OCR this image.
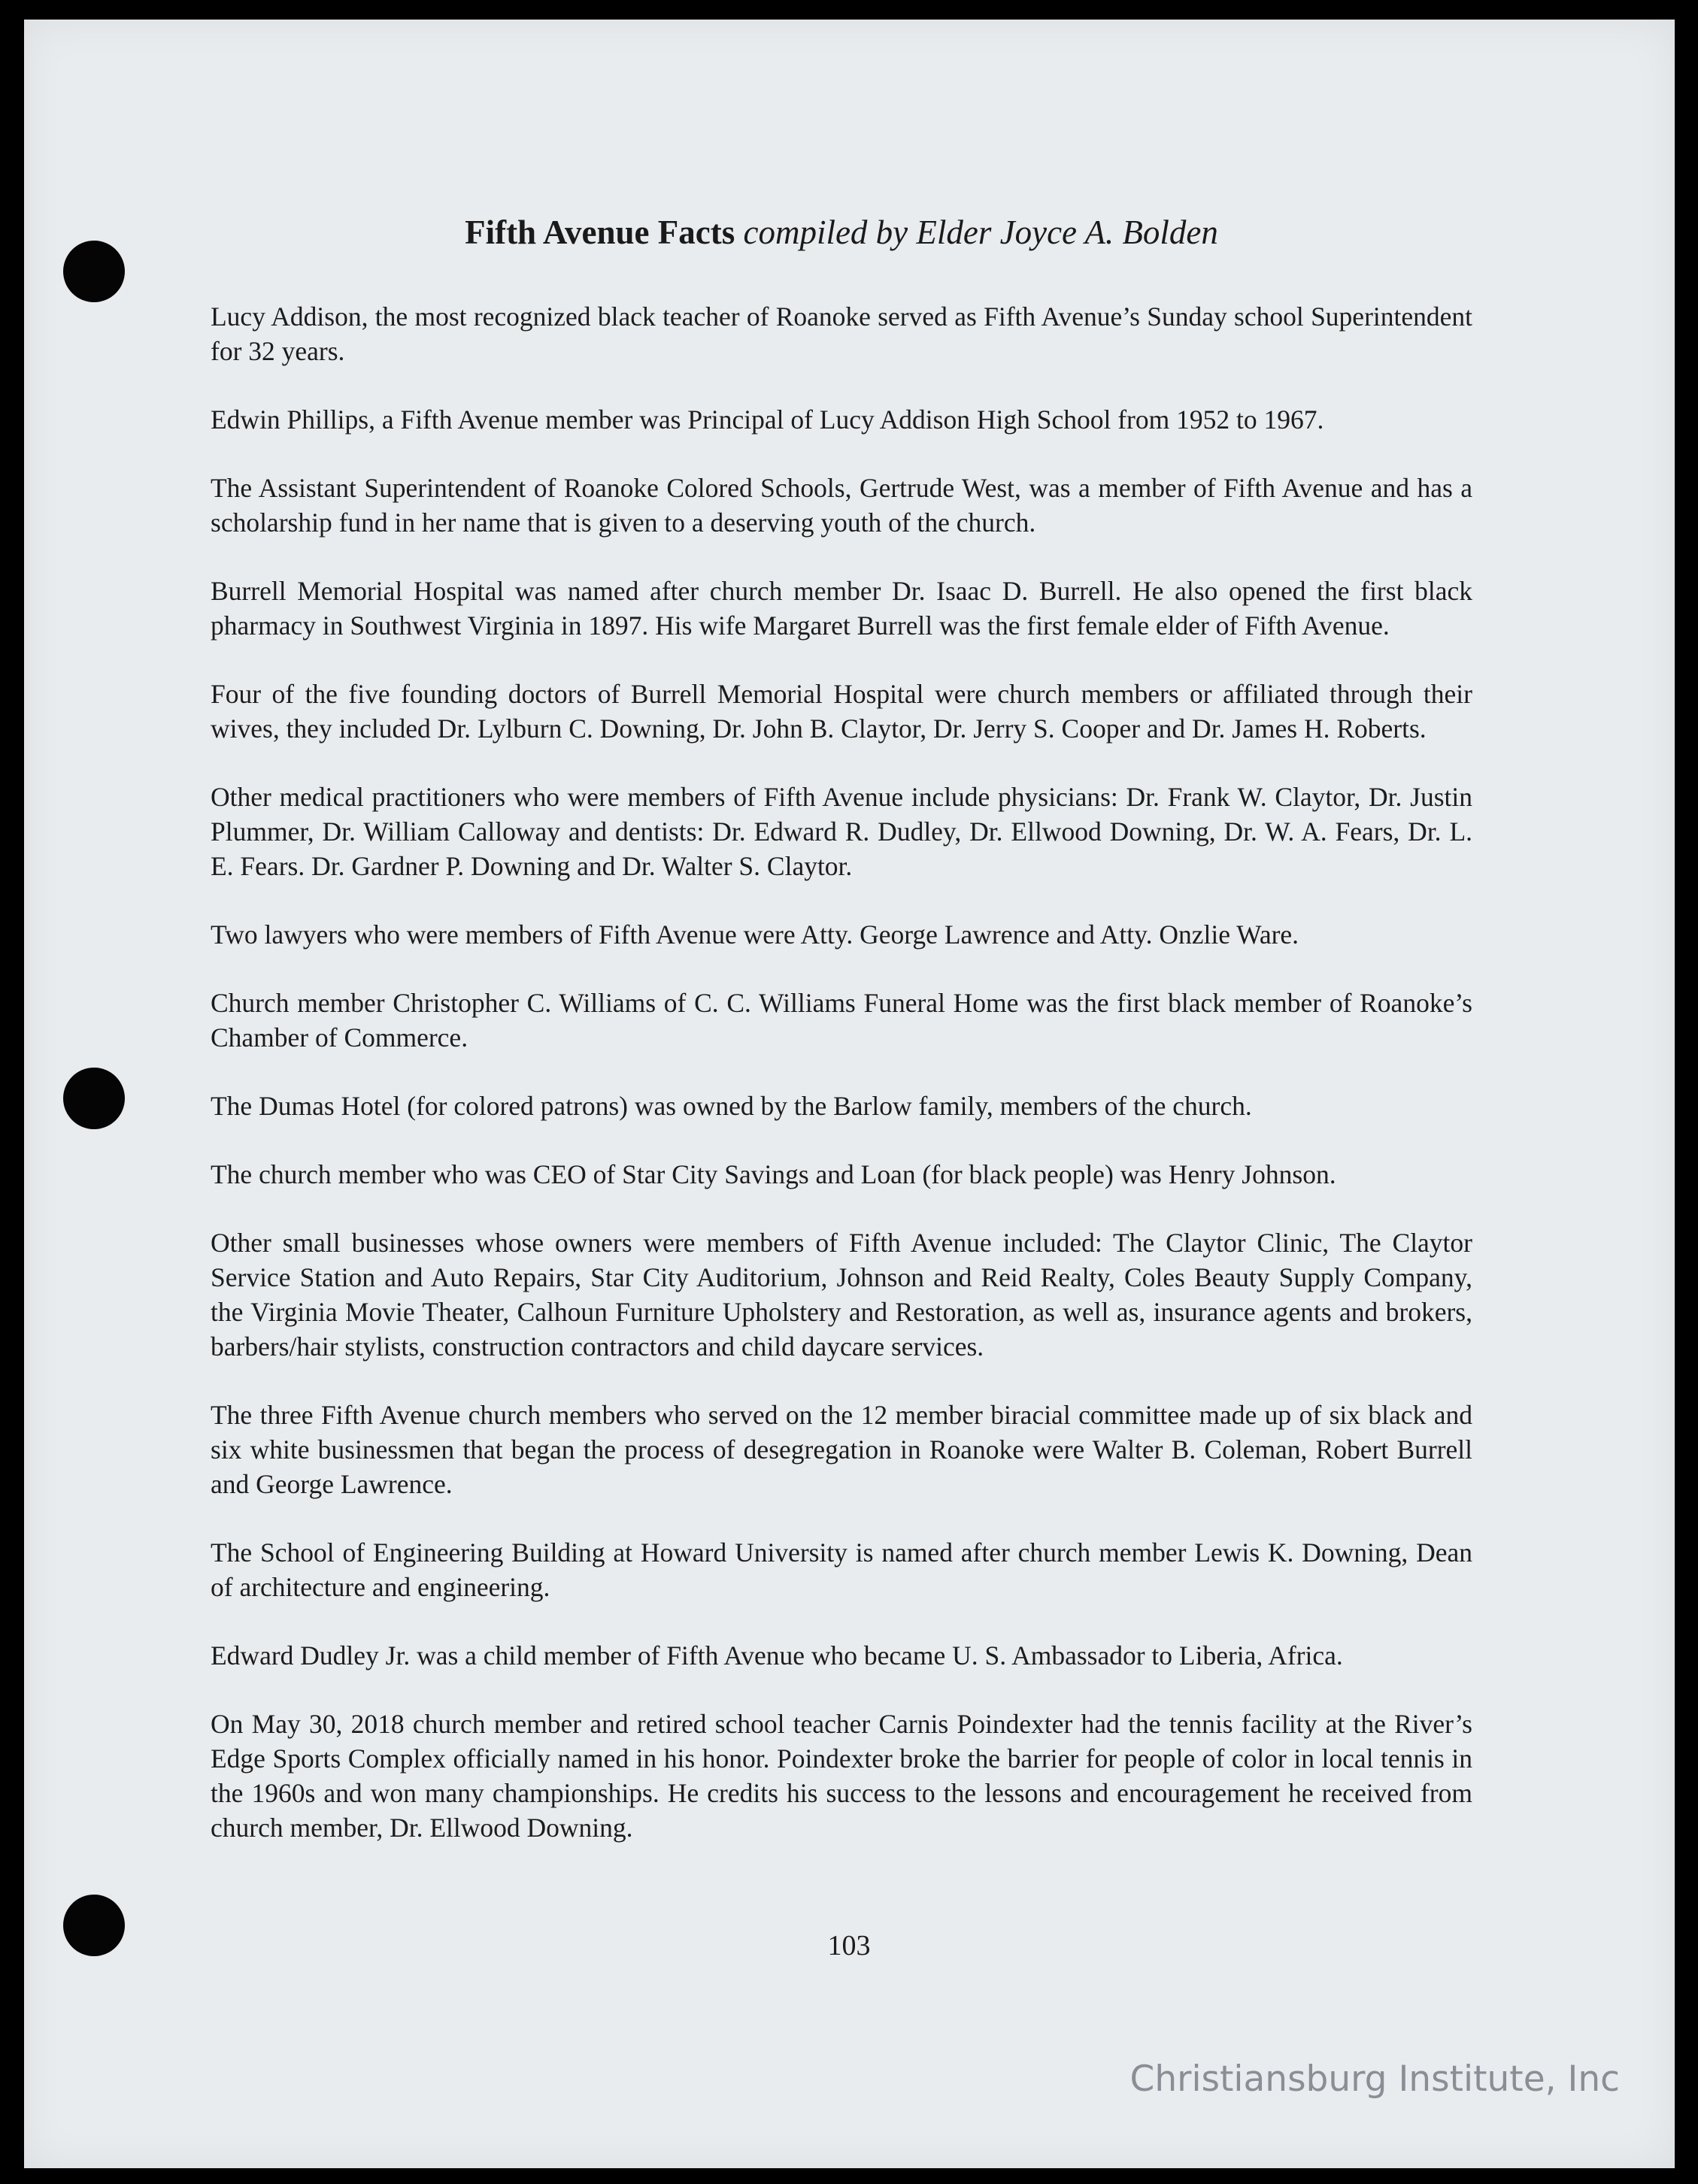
Fifth Avenue Facts compiled by Elder Joyce A. Bolden
Lucy Addison, the most recognized black teacher of Roanoke served as Fifth Avenue’s Sunday school Superintendent for 32 years.
Edwin Phillips, a Fifth Avenue member was Principal of Lucy Addison High School from 1952 to 1967.
The Assistant Superintendent of Roanoke Colored Schools, Gertrude West, was a member of Fifth Avenue and has a scholarship fund in her name that is given to a deserving youth of the church.
Burrell Memorial Hospital was named after church member Dr. Isaac D. Burrell. He also opened the first black pharmacy in Southwest Virginia in 1897. His wife Margaret Burrell was the first female elder of Fifth Avenue.
Four of the five founding doctors of Burrell Memorial Hospital were church members or affiliated through their wives, they included Dr. Lylburn C. Downing, Dr. John B. Claytor, Dr. Jerry S. Cooper and Dr. James H. Roberts.
Other medical practitioners who were members of Fifth Avenue include physicians: Dr. Frank W. Claytor, Dr. Justin Plummer, Dr. William Calloway and dentists: Dr. Edward R. Dudley, Dr. Ellwood Downing, Dr. W. A. Fears, Dr. L. E. Fears. Dr. Gardner P. Downing and Dr. Walter S. Claytor.
Two lawyers who were members of Fifth Avenue were Atty. George Lawrence and Atty. Onzlie Ware.
Church member Christopher C. Williams of C. C. Williams Funeral Home was the first black member of Roanoke’s Chamber of Commerce.
The Dumas Hotel (for colored patrons) was owned by the Barlow family, members of the church.
The church member who was CEO of Star City Savings and Loan (for black people) was Henry Johnson.
Other small businesses whose owners were members of Fifth Avenue included: The Claytor Clinic, The Claytor Service Station and Auto Repairs, Star City Auditorium, Johnson and Reid Realty, Coles Beauty Supply Company, the Virginia Movie Theater, Calhoun Furniture Upholstery and Restoration, as well as, insurance agents and brokers, barbers/hair stylists, construction contractors and child daycare services.
The three Fifth Avenue church members who served on the 12 member biracial committee made up of six black and six white businessmen that began the process of desegregation in Roanoke were Walter B. Coleman, Robert Burrell and George Lawrence.
The School of Engineering Building at Howard University is named after church member Lewis K. Downing, Dean of architecture and engineering.
Edward Dudley Jr. was a child member of Fifth Avenue who became U. S. Ambassador to Liberia, Africa.
On May 30, 2018 church member and retired school teacher Carnis Poindexter had the tennis facility at the River’s Edge Sports Complex officially named in his honor. Poindexter broke the barrier for people of color in local tennis in the 1960s and won many championships. He credits his success to the lessons and encouragement he received from church member, Dr. Ellwood Downing.
103
Christiansburg Institute, Inc
